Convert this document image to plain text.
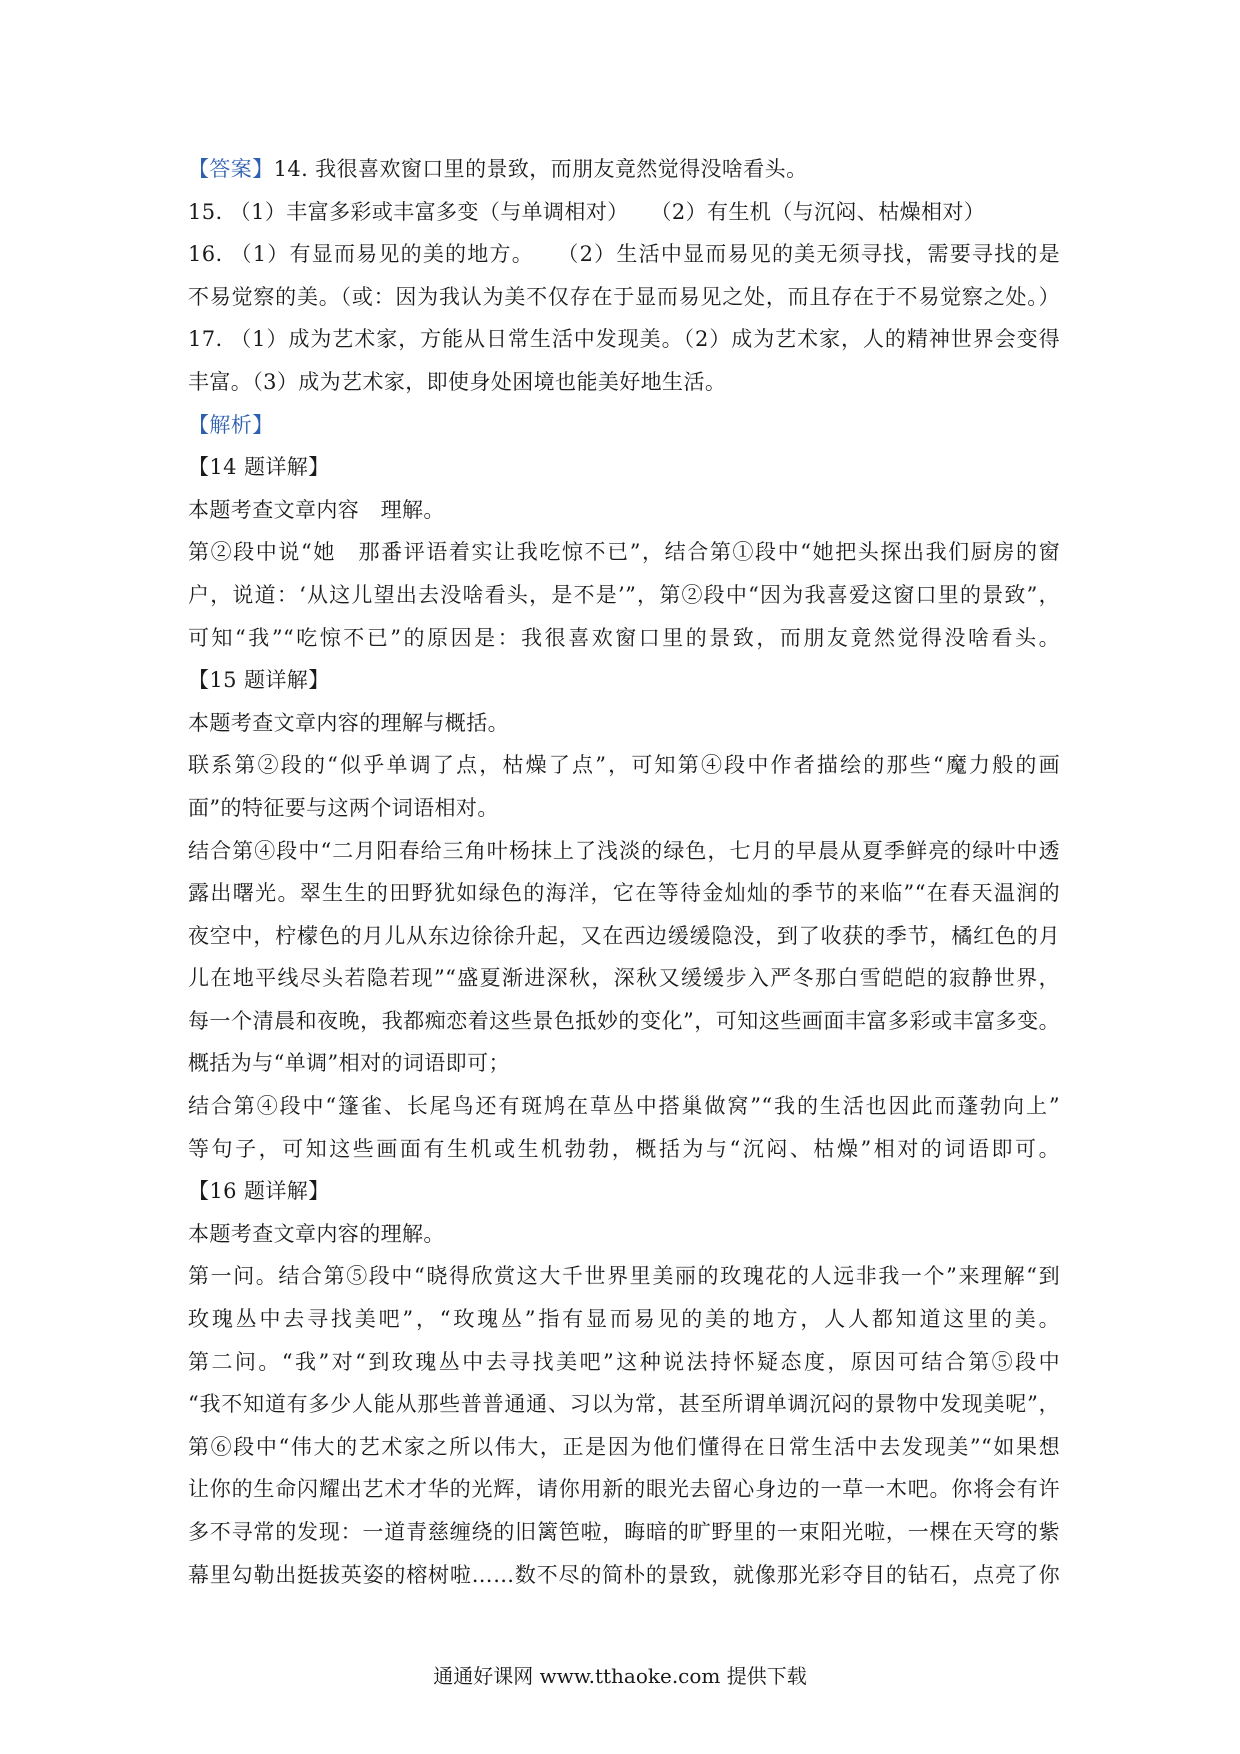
【答案】14. 我很喜欢窗口里的景致，而朋友竟然觉得没啥看头。
15. （1）丰富多彩或丰富多变（与单调相对）　　（2）有生机（与沉闷、枯燥相对）
16. （1）有显而易见的美的地方。　　（2）生活中显而易见的美无须寻找，需要寻找的是
不易觉察的美。（或：因为我认为美不仅存在于显而易见之处，而且存在于不易觉察之处。）
17. （1）成为艺术家，方能从日常生活中发现美。（2）成为艺术家，人的精神世界会变得
丰富。（3）成为艺术家，即使身处困境也能美好地生活。
【解析】
【14 题详解】
本题考查文章内容　理解。
第②段中说“她　那番评语着实让我吃惊不已”，结合第①段中“她把头探出我们厨房的窗
户，说道：‘从这儿望出去没啥看头，是不是’”，第②段中“因为我喜爱这窗口里的景致”，
可知“我”“吃惊不已”的原因是：我很喜欢窗口里的景致，而朋友竟然觉得没啥看头。
【15 题详解】
本题考查文章内容的理解与概括。
联系第②段的“似乎单调了点，枯燥了点”，可知第④段中作者描绘的那些“魔力般的画
面”的特征要与这两个词语相对。
结合第④段中“二月阳春给三角叶杨抹上了浅淡的绿色，七月的早晨从夏季鲜亮的绿叶中透
露出曙光。翠生生的田野犹如绿色的海洋，它在等待金灿灿的季节的来临”“在春天温润的
夜空中，柠檬色的月儿从东边徐徐升起，又在西边缓缓隐没，到了收获的季节，橘红色的月
儿在地平线尽头若隐若现”“盛夏渐进深秋，深秋又缓缓步入严冬那白雪皑皑的寂静世界，
每一个清晨和夜晚，我都痴恋着这些景色抵妙的变化”，可知这些画面丰富多彩或丰富多变。
概括为与“单调”相对的词语即可；
结合第④段中“篷雀、长尾鸟还有斑鸠在草丛中搭巢做窝”“我的生活也因此而蓬勃向上”
等句子，可知这些画面有生机或生机勃勃，概括为与“沉闷、枯燥”相对的词语即可。
【16 题详解】
本题考查文章内容的理解。
第一问。结合第⑤段中“晓得欣赏这大千世界里美丽的玫瑰花的人远非我一个”来理解“到
玫瑰丛中去寻找美吧”，“玫瑰丛”指有显而易见的美的地方，人人都知道这里的美。
第二问。“我”对“到玫瑰丛中去寻找美吧”这种说法持怀疑态度，原因可结合第⑤段中
“我不知道有多少人能从那些普普通通、习以为常，甚至所谓单调沉闷的景物中发现美呢”，
第⑥段中“伟大的艺术家之所以伟大，正是因为他们懂得在日常生活中去发现美”“如果想
让你的生命闪耀出艺术才华的光辉，请你用新的眼光去留心身边的一草一木吧。你将会有许
多不寻常的发现：一道青慈缠绕的旧篱笆啦，晦暗的旷野里的一束阳光啦，一棵在天穹的紫
幕里勾勒出挺拔英姿的榕树啦……数不尽的简朴的景致，就像那光彩夺目的钻石，点亮了你
通通好课网 www.tthaoke.com 提供下载
